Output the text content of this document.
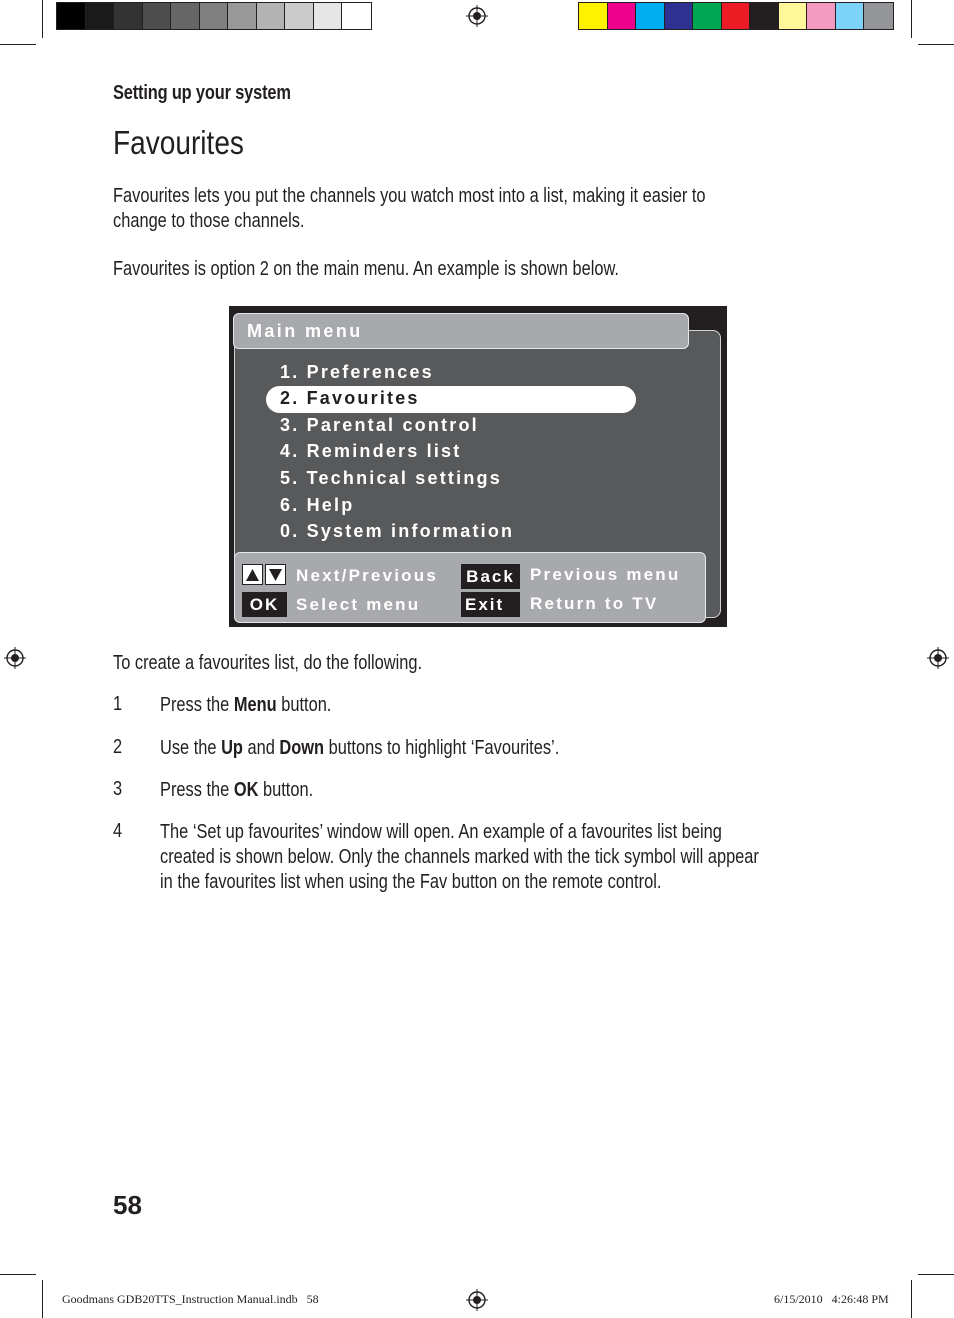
Setting up your system
Favourites
Favourites lets you put the channels you watch most into a list, making it easier to
change to those channels.
Favourites is option 2 on the main menu. An example is shown below.
Main menu
1. Preferences
2. Favourites
3. Parental control
4. Reminders list
5. Technical settings
6. Help
0. System information
Next/Previous
OK Select menu
Back Previous menu
Exit	Return to TV
To create a favourites list, do the following.
1 Press the Menu button.
2 Use the Up and Down buttons to highlight ‘Favourites’.
3 Press the OK button.
4 The ‘Set up favourites’ window will open. An example of a favourites list being
created is shown below. Only the channels marked with the tick symbol will appear
in the favourites list when using the Fav button on the remote control.
58
Goodmans GDB20TTS_Instruction Manual.indb   58	6/15/2010   4:26:48 PM
